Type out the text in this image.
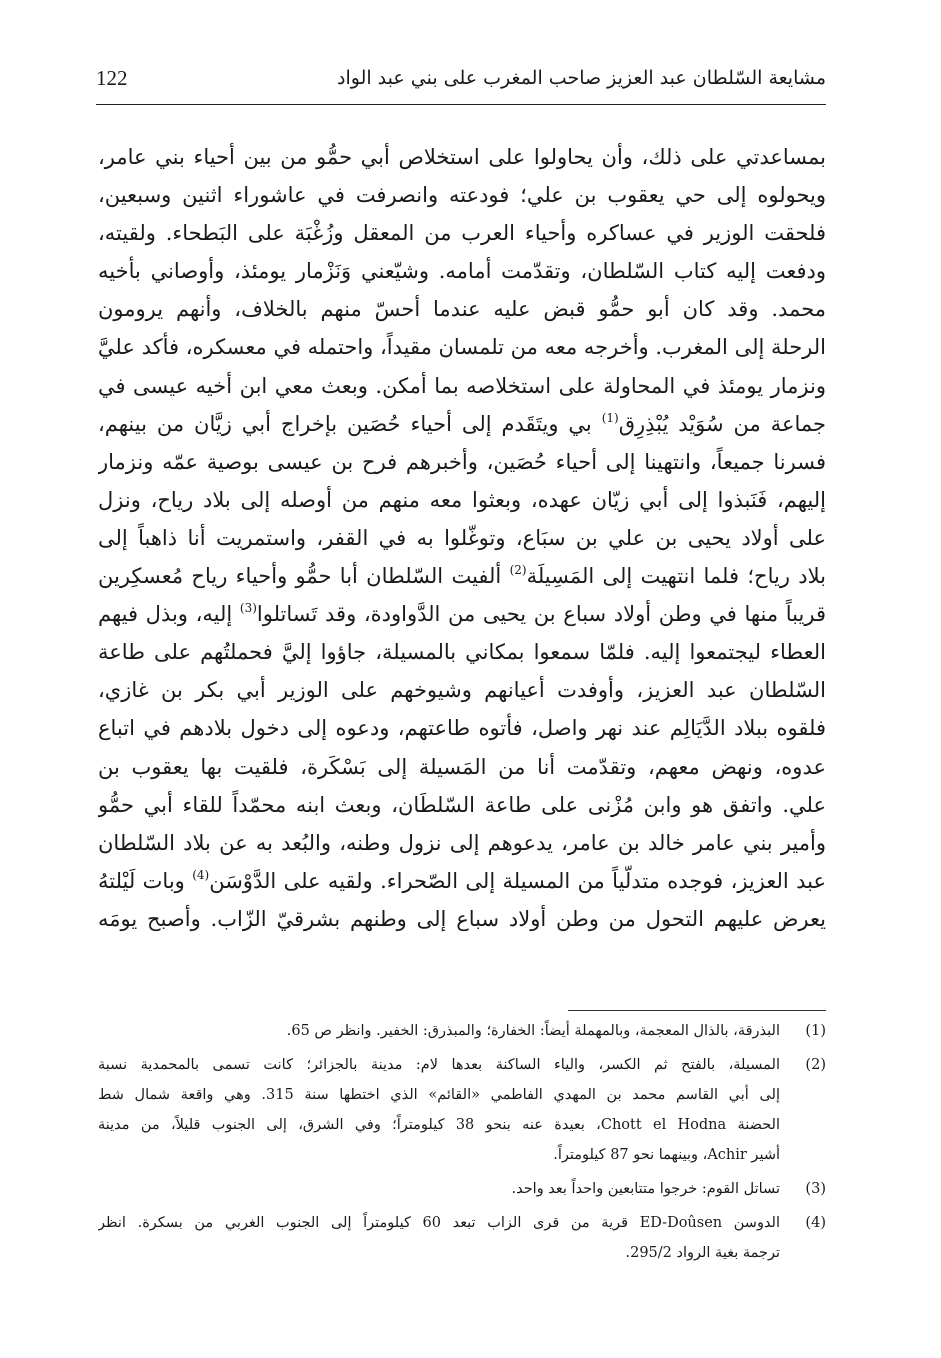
مشايعة السّلطان عبد العزيز صاحب المغرب على بني عبد الواد
122
بمساعدتي على ذلك، وأن يحاولوا على استخلاص أبي حمُّو من بين أحياء بني عامر،
ويحولوه إلى حي يعقوب بن علي؛ فودعته وانصرفت في عاشوراء اثنين وسبعين،
فلحقت الوزير في عساكره وأحياء العرب من المعقل وزُغْبَة على البَطحاء. ولقيته،
ودفعت إليه كتاب السّلطان، وتقدّمت أمامه. وشيّعني وَنَزْمار يومئذ، وأوصاني بأخيه
محمد. وقد كان أبو حمُّو قبض عليه عندما أحسّ منهم بالخلاف، وأنهم يرومون
الرحلة إلى المغرب. وأخرجه معه من تلمسان مقيداً، واحتمله في معسكره، فأكد عليَّ
ونزمار يومئذ في المحاولة على استخلاصه بما أمكن. وبعث معي ابن أخيه عيسى في
جماعة من سُوَيْد يُبْذِرِق$^{(1)}$ بي ويتَقَدم إلى أحياء حُصَين بإخراج أبي زيَّان من بينهم،
فسرنا جميعاً، وانتهينا إلى أحياء حُصَين، وأخبرهم فرح بن عيسى بوصية عمّه ونزمار
إليهم، فَنَبذوا إلى أبي زيّان عهده، وبعثوا معه منهم من أوصله إلى بلاد رياح، ونزل
على أولاد يحيى بن علي بن سبَاع، وتوغّلوا به في القفر، واستمريت أنا ذاهباً إلى
بلاد رياح؛ فلما انتهيت إلى المَسِيلَة$^{(2)}$ ألفيت السّلطان أبا حمُّو وأحياء رياح مُعسكِرين
قريباً منها في وطن أولاد سباع بن يحيى من الدَّواودة، وقد تَساتلوا$^{(3)}$ إليه، وبذل فيهم
العطاء ليجتمعوا إليه. فلمّا سمعوا بمكاني بالمسيلة، جاؤوا إليَّ فحملتُهم على طاعة
السّلطان عبد العزيز، وأوفدت أعيانهم وشيوخهم على الوزير أبي بكر بن غازي،
فلقوه ببلاد الدَّيَالِم عند نهر واصل، فأتوه طاعتهم، ودعوه إلى دخول بلادهم في اتباع
عدوه، ونهض معهم، وتقدّمت أنا من المَسيلة إلى بَسْكَرة، فلقيت بها يعقوب بن
علي. واتفق هو وابن مُزْنى على طاعة السّلطَان، وبعث ابنه محمّداً للقاء أبي حمُّو
وأمير بني عامر خالد بن عامر، يدعوهم إلى نزول وطنه، والبُعد به عن بلاد السّلطان
عبد العزيز، فوجده متدلّياً من المسيلة إلى الصّحراء. ولقيه على الدَّوْسَن$^{(4)}$ وبات لَيْلتهُ
يعرض عليهم التحول من وطن أولاد سباع إلى وطنهم بشرقيّ الزّاب. وأصبح يومَه
(1)
البذرقة، بالذال المعجمة، وبالمهملة أيضاً: الخفارة؛ والمبذرق: الخفير. وانظر ص 65.
(2)
المسيلة، بالفتح ثم الكسر، والياء الساكنة بعدها لام: مدينة بالجزائر؛ كانت تسمى بالمحمدية نسبة
إلى أبي القاسم محمد بن المهدي الفاطمي «القائم» الذي اختطها سنة 315. وهي واقعة شمال شط
الحضنة Chott el Hodna، بعيدة عنه بنحو 38 كيلومتراً؛ وفي الشرق، إلى الجنوب قليلاً، من مدينة
أشير Achir، وبينهما نحو 87 كيلومتراً.
(3)
تساتل القوم: خرجوا متتابعين واحداً بعد واحد.
(4)
الدوسن ED-Doûsen قرية من قرى الزاب تبعد 60 كيلومتراً إلى الجنوب الغربي من بسكرة. انظر
ترجمة بغية الرواد 295/2.
